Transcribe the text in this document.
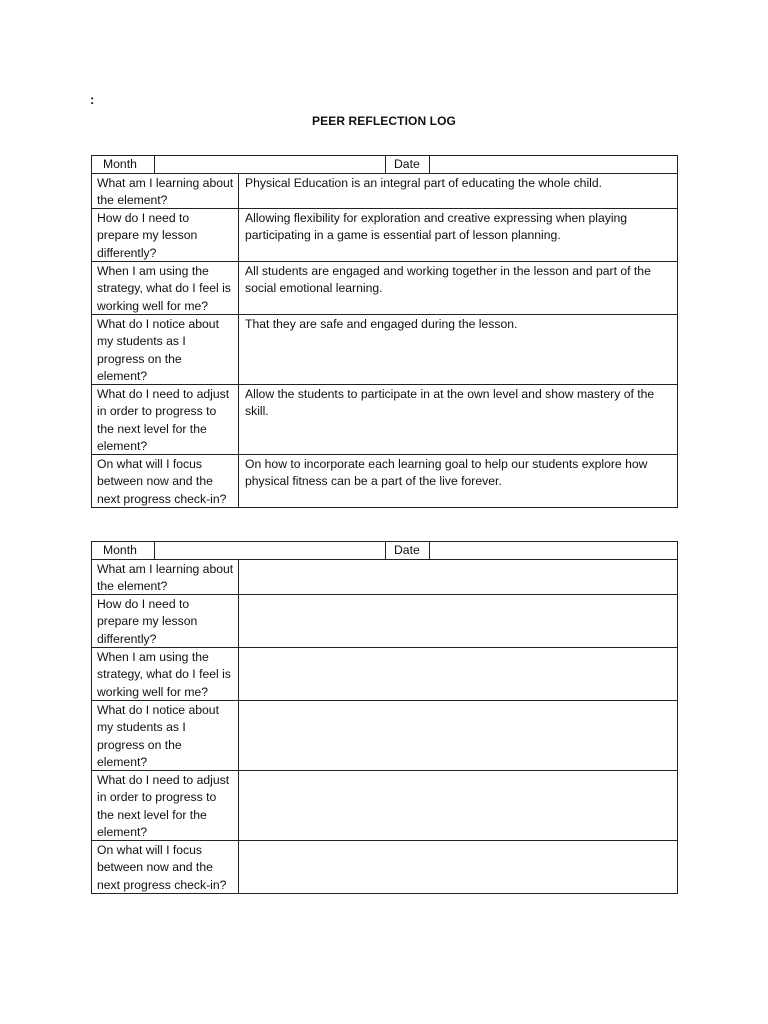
:
PEER REFLECTION LOG
Month	Date
What am I learning about the element?
Physical Education is an integral part of educating the whole child.
How do I need to prepare my lesson differently?
Allowing flexibility for exploration and creative expressing when playing participating in a game is essential part of lesson planning.
When I am using the strategy, what do I feel is working well for me?
All students are engaged and working together in the lesson and part of the social emotional learning.
What do I notice about my students as I progress on the element?
That they are safe and engaged during the lesson.
What do I need to adjust in order to progress to the next level for the element?
Allow the students to participate in at the own level and show mastery of the skill.
On what will I focus between now and the next progress check-in?
On how to incorporate each learning goal to help our students explore how physical fitness can be a part of the live forever.
Month	Date
What am I learning about the element?
How do I need to prepare my lesson differently?
When I am using the strategy, what do I feel is working well for me?
What do I notice about my students as I progress on the element?
What do I need to adjust in order to progress to the next level for the element?
On what will I focus between now and the next progress check-in?
